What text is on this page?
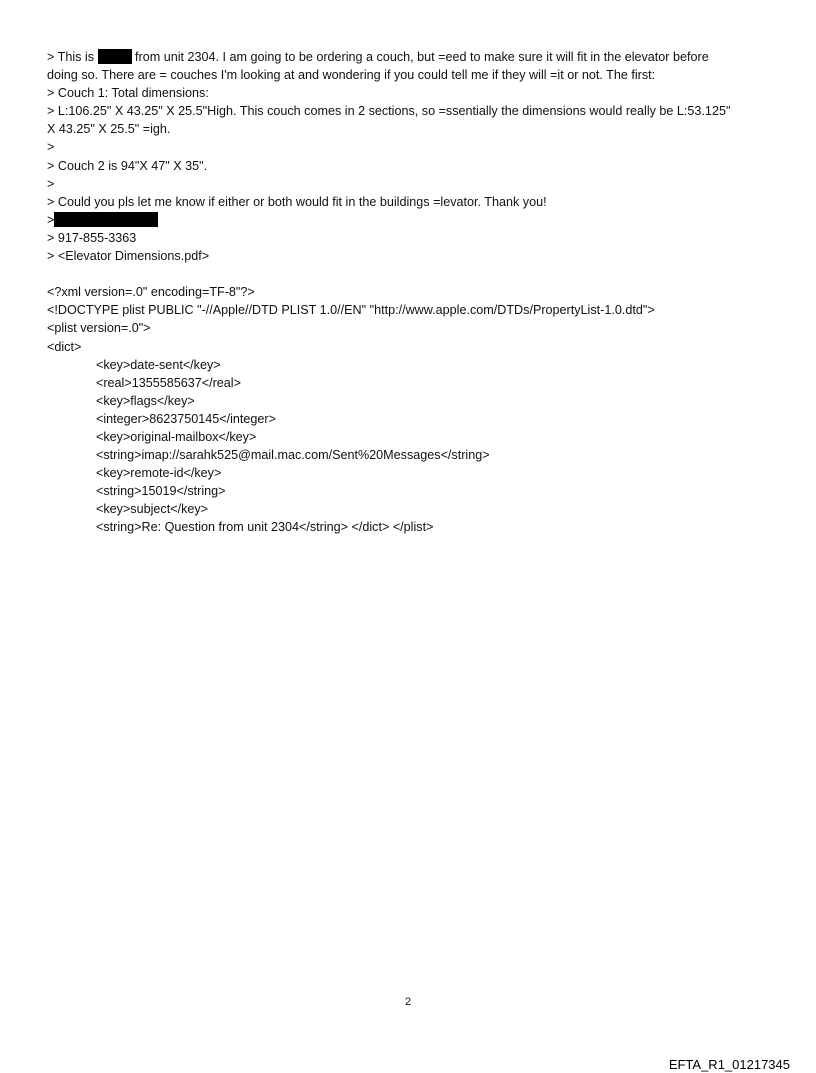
> This is	from unit 2304. I am going to be ordering a couch, but =eed to make sure it will fit in the elevator before

doing so. There are = couches I'm looking at and wondering if you could tell me if they will =it or not. The first:

> Couch 1: Total dimensions:

> L:106.25" X 43.25" X 25.5"High. This couch comes in 2 sections, so =ssentially the dimensions would really be L:53.125"

X 43.25" X 25.5" =igh.

>

> Couch 2 is 94"X 47" X 35".

>

> Could you pls let me know if either or both would fit in the buildings =levator. Thank you!

>

> 917-855-3363

> <Elevator Dimensions.pdf>

<?xml version=.0" encoding=TF-8"?>

<!DOCTYPE plist PUBLIC "-//Apple//DTD PLIST 1.0//EN" "http://www.apple.com/DTDs/PropertyList-1.0.dtd">

<plist version=.0">

<dict>

<key>date-sent</key>

<real>1355585637</real>

<key>flags</key>

<integer>8623750145</integer>

<key>original-mailbox</key>

<string>imap://sarahk525@mail.mac.com/Sent%20Messages</string>

<key>remote-id</key>

<string>15019</string>

<key>subject</key>

<string>Re: Question from unit 2304</string> </dict> </plist>

2
EFTA_R1_01217345
